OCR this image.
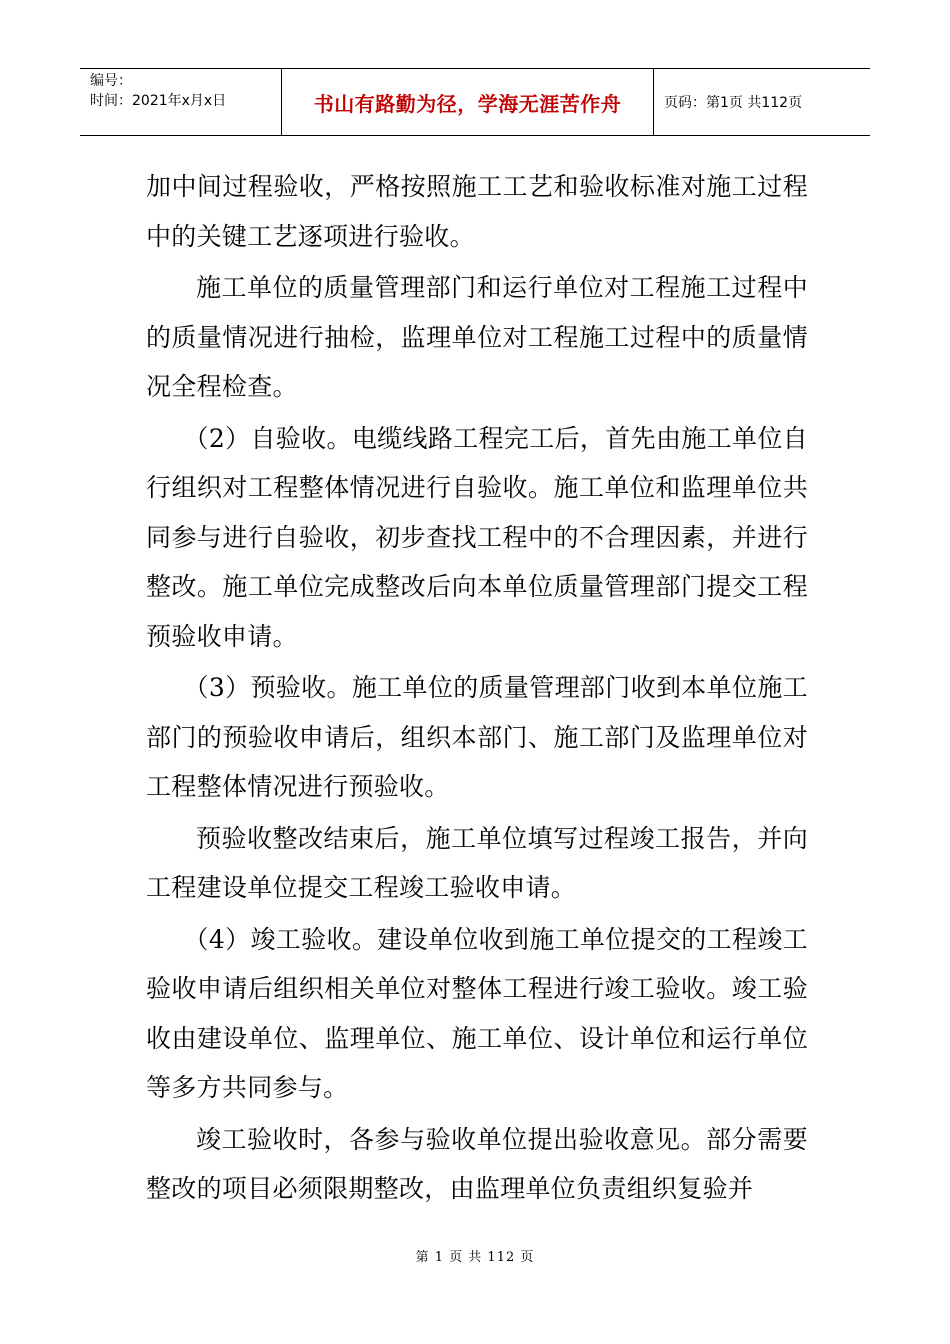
编号：
时间：2021年x月x日	书山有路勤为径，学海无涯苦作舟	页码：第1页 共112页

加中间过程验收，严格按照施工工艺和验收标准对施工过程中的关键工艺逐项进行验收。

施工单位的质量管理部门和运行单位对工程施工过程中的质量情况进行抽检，监理单位对工程施工过程中的质量情况全程检查。

（2）自验收。电缆线路工程完工后，首先由施工单位自行组织对工程整体情况进行自验收。施工单位和监理单位共同参与进行自验收，初步查找工程中的不合理因素，并进行整改。施工单位完成整改后向本单位质量管理部门提交工程预验收申请。

（3）预验收。施工单位的质量管理部门收到本单位施工部门的预验收申请后，组织本部门、施工部门及监理单位对工程整体情况进行预验收。

预验收整改结束后，施工单位填写过程竣工报告，并向工程建设单位提交工程竣工验收申请。

（4）竣工验收。建设单位收到施工单位提交的工程竣工验收申请后组织相关单位对整体工程进行竣工验收。竣工验收由建设单位、监理单位、施工单位、设计单位和运行单位等多方共同参与。

竣工验收时，各参与验收单位提出验收意见。部分需要整改的项目必须限期整改，由监理单位负责组织复验并

第 1 页 共 112 页
